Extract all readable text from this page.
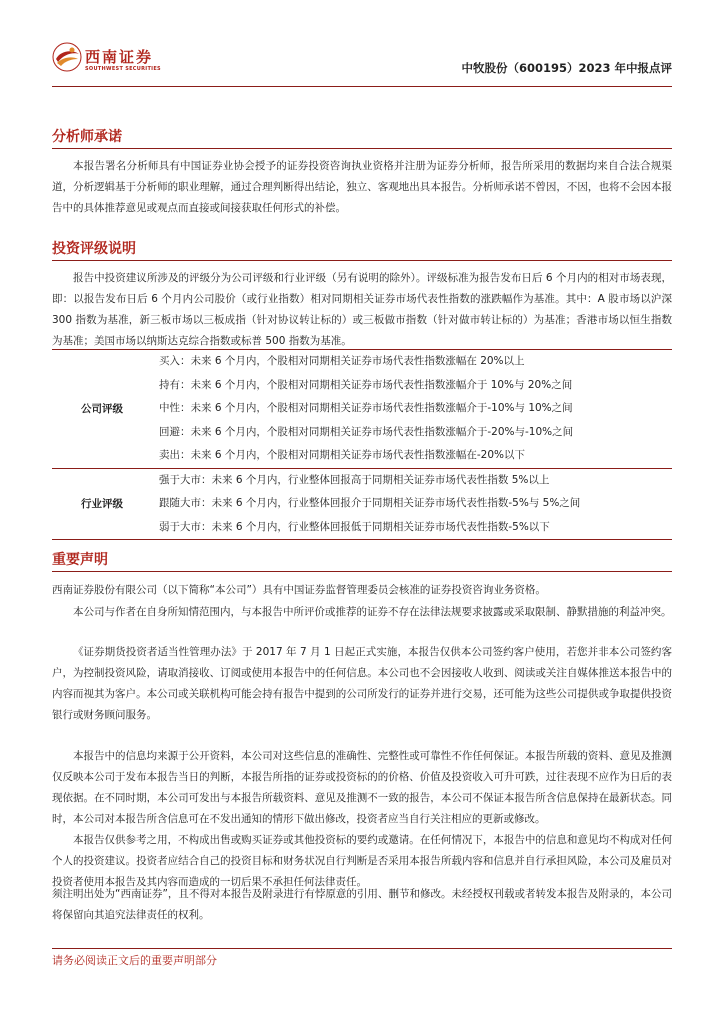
西南证券
SOUTHWEST SECURITIES	中牧股份（600195）2023 年中报点评
分析师承诺

本报告署名分析师具有中国证券业协会授予的证券投资咨询执业资格并注册为证券分析师，报告所采用的数据均来自合法合规渠道，分析逻辑基于分析师的职业理解，通过合理判断得出结论，独立、客观地出具本报告。分析师承诺不曾因，不因，也将不会因本报告中的具体推荐意见或观点而直接或间接获取任何形式的补偿。

投资评级说明

报告中投资建议所涉及的评级分为公司评级和行业评级（另有说明的除外）。评级标准为报告发布日后 6 个月内的相对市场表现，即：以报告发布日后 6 个月内公司股价（或行业指数）相对同期相关证券市场代表性指数的涨跌幅作为基准。其中：A 股市场以沪深 300 指数为基准，新三板市场以三板成指（针对协议转让标的）或三板做市指数（针对做市转让标的）为基准；香港市场以恒生指数为基准；美国市场以纳斯达克综合指数或标普 500 指数为基准。

公司评级
买入：未来 6 个月内，个股相对同期相关证券市场代表性指数涨幅在 20%以上
持有：未来 6 个月内，个股相对同期相关证券市场代表性指数涨幅介于 10%与 20%之间
中性：未来 6 个月内，个股相对同期相关证券市场代表性指数涨幅介于-10%与 10%之间
回避：未来 6 个月内，个股相对同期相关证券市场代表性指数涨幅介于-20%与-10%之间
卖出：未来 6 个月内，个股相对同期相关证券市场代表性指数涨幅在-20%以下
行业评级
强于大市：未来 6 个月内，行业整体回报高于同期相关证券市场代表性指数 5%以上
跟随大市：未来 6 个月内，行业整体回报介于同期相关证券市场代表性指数-5%与 5%之间
弱于大市：未来 6 个月内，行业整体回报低于同期相关证券市场代表性指数-5%以下
重要声明

西南证券股份有限公司（以下简称“本公司”）具有中国证券监督管理委员会核准的证券投资咨询业务资格。

本公司与作者在自身所知情范围内，与本报告中所评价或推荐的证券不存在法律法规要求披露或采取限制、静默措施的利益冲突。

《证券期货投资者适当性管理办法》于 2017 年 7 月 1 日起正式实施，本报告仅供本公司签约客户使用，若您并非本公司签约客户，为控制投资风险，请取消接收、订阅或使用本报告中的任何信息。本公司也不会因接收人收到、阅读或关注自媒体推送本报告中的内容而视其为客户。本公司或关联机构可能会持有报告中提到的公司所发行的证券并进行交易，还可能为这些公司提供或争取提供投资银行或财务顾问服务。

本报告中的信息均来源于公开资料，本公司对这些信息的准确性、完整性或可靠性不作任何保证。本报告所载的资料、意见及推测仅反映本公司于发布本报告当日的判断，本报告所指的证券或投资标的的价格、价值及投资收入可升可跌，过往表现不应作为日后的表现依据。在不同时期，本公司可发出与本报告所载资料、意见及推测不一致的报告，本公司不保证本报告所含信息保持在最新状态。同时，本公司对本报告所含信息可在不发出通知的情形下做出修改，投资者应当自行关注相应的更新或修改。

本报告仅供参考之用，不构成出售或购买证券或其他投资标的要约或邀请。在任何情况下，本报告中的信息和意见均不构成对任何个人的投资建议。投资者应结合自己的投资目标和财务状况自行判断是否采用本报告所载内容和信息并自行承担风险，本公司及雇员对投资者使用本报告及其内容而造成的一切后果不承担任何法律责任。

须注明出处为“西南证券”，且不得对本报告及附录进行有悖原意的引用、删节和修改。未经授权刊载或者转发本报告及附录的，本公司将保留向其追究法律责任的权利。

请务必阅读正文后的重要声明部分
